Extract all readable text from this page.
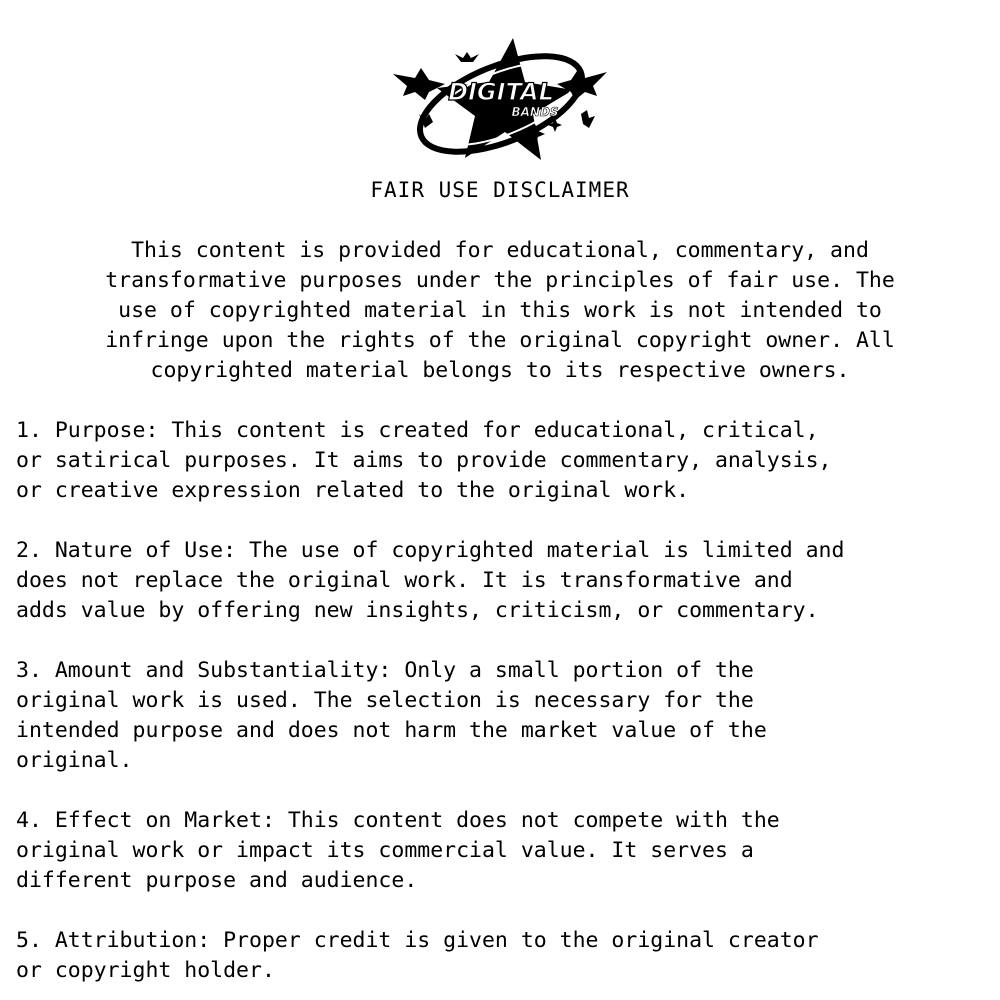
DIGITAL
BANDS
FAIR USE DISCLAIMER
This content is provided for educational, commentary, and
transformative purposes under the principles of fair use. The
use of copyrighted material in this work is not intended to
infringe upon the rights of the original copyright owner. All
copyrighted material belongs to its respective owners.
1. Purpose: This content is created for educational, critical,
or satirical purposes. It aims to provide commentary, analysis,
or creative expression related to the original work.
2. Nature of Use: The use of copyrighted material is limited and
does not replace the original work. It is transformative and
adds value by offering new insights, criticism, or commentary.
3. Amount and Substantiality: Only a small portion of the
original work is used. The selection is necessary for the
intended purpose and does not harm the market value of the
original.
4. Effect on Market: This content does not compete with the
original work or impact its commercial value. It serves a
different purpose and audience.
5. Attribution: Proper credit is given to the original creator
or copyright holder.
